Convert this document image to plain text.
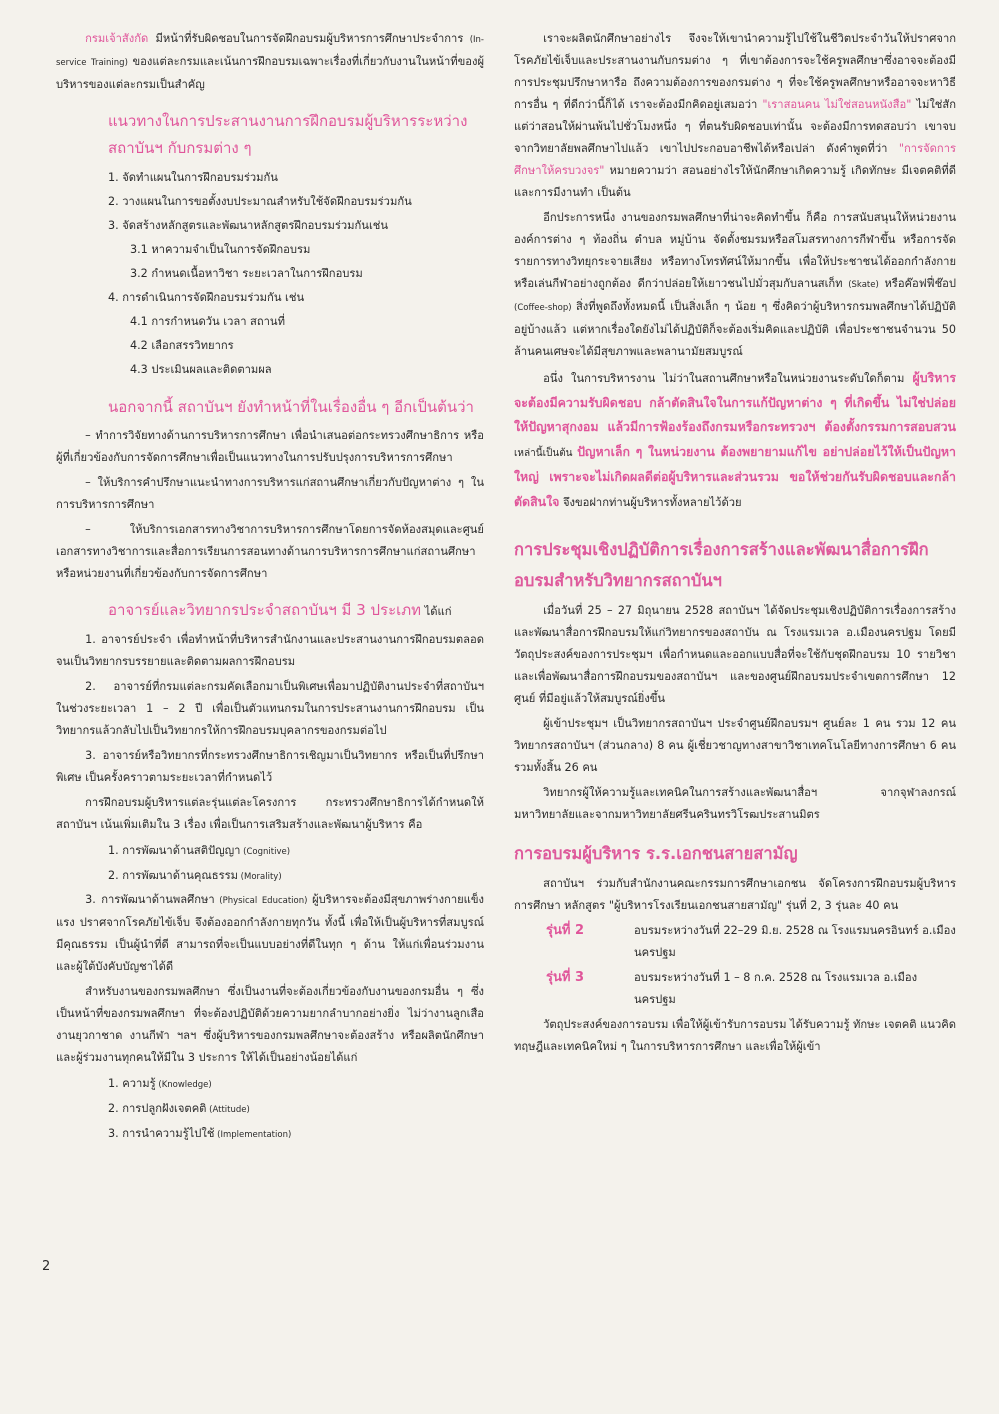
กรมเจ้าสังกัด มีหน้าที่รับผิดชอบในการจัดฝึกอบรมผู้บริหารการศึกษาประจำการ (In-service Training) ของแต่ละกรมและเน้นการฝึกอบรมเฉพาะเรื่องที่เกี่ยวกับงานในหน้าที่ของผู้บริหารของแต่ละกรมเป็นสำคัญ

แนวทางในการประสานงานการฝึกอบรมผู้บริหารระหว่างสถาบันฯ กับกรมต่าง ๆ
1. จัดทำแผนในการฝึกอบรมร่วมกัน
2. วางแผนในการขอตั้งงบประมาณสำหรับใช้จัดฝึกอบรมร่วมกัน
3. จัดสร้างหลักสูตรและพัฒนาหลักสูตรฝึกอบรมร่วมกันเช่น
3.1 หาความจำเป็นในการจัดฝึกอบรม
3.2 กำหนดเนื้อหาวิชา ระยะเวลาในการฝึกอบรม
4. การดำเนินการจัดฝึกอบรมร่วมกัน เช่น
4.1 การกำหนดวัน เวลา สถานที่
4.2 เลือกสรรวิทยากร
4.3 ประเมินผลและติดตามผล
นอกจากนี้ สถาบันฯ ยังทำหน้าที่ในเรื่องอื่น ๆ อีกเป็นต้นว่า

– ทำการวิจัยทางด้านการบริหารการศึกษา เพื่อนำเสนอต่อกระทรวงศึกษาธิการ หรือผู้ที่เกี่ยวข้องกับการจัดการศึกษาเพื่อเป็นแนวทางในการปรับปรุงการบริหารการศึกษา

– ให้บริการคำปรึกษาแนะนำทางการบริหารแก่สถานศึกษาเกี่ยวกับปัญหาต่าง ๆ ในการบริหารการศึกษา

– ให้บริการเอกสารทางวิชาการบริหารการศึกษาโดยการจัดห้องสมุดและศูนย์เอกสารทางวิชาการและสื่อการเรียนการสอนทางด้านการบริหารการศึกษาแก่สถานศึกษาหรือหน่วยงานที่เกี่ยวข้องกับการจัดการศึกษา

อาจารย์และวิทยากรประจำสถาบันฯ มี 3 ประเภท ได้แก่

1. อาจารย์ประจำ เพื่อทำหน้าที่บริหารสำนักงานและประสานงานการฝึกอบรมตลอดจนเป็นวิทยากรบรรยายและติดตามผลการฝึกอบรม

2. อาจารย์ที่กรมแต่ละกรมคัดเลือกมาเป็นพิเศษเพื่อมาปฏิบัติงานประจำที่สถาบันฯ ในช่วงระยะเวลา 1 – 2 ปี เพื่อเป็นตัวแทนกรมในการประสานงานการฝึกอบรม เป็นวิทยากรแล้วกลับไปเป็นวิทยากรให้การฝึกอบรมบุคลากรของกรมต่อไป

3. อาจารย์หรือวิทยากรที่กระทรวงศึกษาธิการเชิญมาเป็นวิทยากร หรือเป็นที่ปรึกษาพิเศษ เป็นครั้งคราวตามระยะเวลาที่กำหนดไว้

การฝึกอบรมผู้บริหารแต่ละรุ่นแต่ละโครงการ กระทรวงศึกษาธิการได้กำหนดให้สถาบันฯ เน้นเพิ่มเติมใน 3 เรื่อง เพื่อเป็นการเสริมสร้างและพัฒนาผู้บริหาร คือ

1. การพัฒนาด้านสติปัญญา (Cognitive)
2. การพัฒนาด้านคุณธรรม (Morality)

3. การพัฒนาด้านพลศึกษา (Physical Education) ผู้บริหารจะต้องมีสุขภาพร่างกายแข็งแรง ปราศจากโรคภัยไข้เจ็บ จึงต้องออกกำลังกายทุกวัน ทั้งนี้ เพื่อให้เป็นผู้บริหารที่สมบูรณ์ มีคุณธรรม เป็นผู้นำที่ดี สามารถที่จะเป็นแบบอย่างที่ดีในทุก ๆ ด้าน ให้แก่เพื่อนร่วมงานและผู้ใต้บังคับบัญชาได้ดี

สำหรับงานของกรมพลศึกษา ซึ่งเป็นงานที่จะต้องเกี่ยวข้องกับงานของกรมอื่น ๆ ซึ่งเป็นหน้าที่ของกรมพลศึกษา ที่จะต้องปฏิบัติด้วยความยากลำบากอย่างยิ่ง ไม่ว่างานลูกเสือ งานยุวกาชาด งานกีฬา ฯลฯ ซึ่งผู้บริหารของกรมพลศึกษาจะต้องสร้าง หรือผลิตนักศึกษาและผู้ร่วมงานทุกคนให้มีใน 3 ประการ ให้ได้เป็นอย่างน้อยได้แก่

1. ความรู้ (Knowledge)
2. การปลูกฝังเจตคติ (Attitude)
3. การนำความรู้ไปใช้ (Implementation)

เราจะผลิตนักศึกษาอย่างไร จึงจะให้เขานำความรู้ไปใช้ในชีวิตประจำวันให้ปราศจากโรคภัยไข้เจ็บและประสานงานกับกรมต่าง ๆ ที่เขาต้องการจะใช้ครูพลศึกษาซึ่งอาจจะต้องมีการประชุมปรึกษาหารือ ถึงความต้องการของกรมต่าง ๆ ที่จะใช้ครูพลศึกษาหรืออาจจะหาวิธีการอื่น ๆ ที่ดีกว่านี้ก็ได้ เราจะต้องมีกคิดอยู่เสมอว่า "เราสอนคน ไม่ใช่สอนหนังสือ" ไม่ใช่สักแต่ว่าสอนให้ผ่านพ้นไปชั่วโมงหนึ่ง ๆ ที่ตนรับผิดชอบเท่านั้น จะต้องมีการทดสอบว่า เขาจบจากวิทยาลัยพลศึกษาไปแล้ว เขาไปประกอบอาชีพได้หรือเปล่า ดังคำพูดที่ว่า "การจัดการศึกษาให้ครบวงจร" หมายความว่า สอนอย่างไรให้นักศึกษาเกิดความรู้ เกิดทักษะ มีเจตคติที่ดี และการมีงานทำ เป็นต้น

อีกประการหนึ่ง งานของกรมพลศึกษาที่น่าจะคิดทำขึ้น ก็คือ การสนับสนุนให้หน่วยงาน องค์การต่าง ๆ ท้องถิ่น ตำบล หมู่บ้าน จัดตั้งชมรมหรือสโมสรทางการกีฬาขึ้น หรือการจัดรายการทางวิทยุกระจายเสียง หรือทางโทรทัศน์ให้มากขึ้น เพื่อให้ประชาชนได้ออกกำลังกายหรือเล่นกีฬาอย่างถูกต้อง ดีกว่าปล่อยให้เยาวชนไปมั่วสุมกับลานสเก็ท (Skate) หรือค๊อฟฟี่ช๊อป (Coffee-shop) สิ่งที่พูดถึงทั้งหมดนี้ เป็นสิ่งเล็ก ๆ น้อย ๆ ซึ่งคิดว่าผู้บริหารกรมพลศึกษาได้ปฏิบัติอยู่บ้างแล้ว แต่หากเรื่องใดยังไม่ได้ปฏิบัติก็จะต้องเริ่มคิดและปฏิบัติ เพื่อประชาชนจำนวน 50 ล้านคนเศษจะได้มีสุขภาพและพลานามัยสมบูรณ์

อนึ่ง ในการบริหารงาน ไม่ว่าในสถานศึกษาหรือในหน่วยงานระดับใดก็ตาม ผู้บริหารจะต้องมีความรับผิดชอบ กล้าตัดสินใจในการแก้ปัญหาต่าง ๆ ที่เกิดขึ้น ไม่ใช่ปล่อยให้ปัญหาสุกงอม แล้วมีการฟ้องร้องถึงกรมหรือกระทรวงฯ ต้องตั้งกรรมการสอบสวน เหล่านี้เป็นต้น ปัญหาเล็ก ๆ ในหน่วยงาน ต้องพยายามแก้ไข อย่าปล่อยไว้ให้เป็นปัญหาใหญ่ เพราะจะไม่เกิดผลดีต่อผู้บริหารและส่วนรวม ขอให้ช่วยกันรับผิดชอบและกล้าตัดสินใจ จึงขอฝากท่านผู้บริหารทั้งหลายไว้ด้วย

การประชุมเชิงปฏิบัติการเรื่องการสร้างและพัฒนาสื่อการฝึกอบรมสำหรับวิทยากรสถาบันฯ

เมื่อวันที่ 25 – 27 มิถุนายน 2528 สถาบันฯ ได้จัดประชุมเชิงปฏิบัติการเรื่องการสร้างและพัฒนาสื่อการฝึกอบรมให้แก่วิทยากรของสถาบัน ณ โรงแรมเวล อ.เมืองนครปฐม โดยมีวัตถุประสงค์ของการประชุมฯ เพื่อกำหนดและออกแบบสื่อที่จะใช้กับชุดฝึกอบรม 10 รายวิชา และเพื่อพัฒนาสื่อการฝึกอบรมของสถาบันฯ และของศูนย์ฝึกอบรมประจำเขตการศึกษา 12 ศูนย์ ที่มีอยู่แล้วให้สมบูรณ์ยิ่งขึ้น

ผู้เข้าประชุมฯ เป็นวิทยากรสถาบันฯ ประจำศูนย์ฝึกอบรมฯ ศูนย์ละ 1 คน รวม 12 คน วิทยากรสถาบันฯ (ส่วนกลาง) 8 คน ผู้เชี่ยวชาญทางสาขาวิชาเทคโนโลยีทางการศึกษา 6 คน รวมทั้งสิ้น 26 คน

วิทยากรผู้ให้ความรู้และเทคนิคในการสร้างและพัฒนาสื่อฯ จากจุฬาลงกรณ์มหาวิทยาลัยและจากมหาวิทยาลัยศรีนครินทรวิโรฒประสานมิตร

การอบรมผู้บริหาร ร.ร.เอกชนสายสามัญ

สถาบันฯ ร่วมกับสำนักงานคณะกรรมการศึกษาเอกชน จัดโครงการฝึกอบรมผู้บริหารการศึกษา หลักสูตร "ผู้บริหารโรงเรียนเอกชนสายสามัญ" รุ่นที่ 2, 3 รุ่นละ 40 คน

รุ่นที่ 2	อบรมระหว่างวันที่ 22–29 มิ.ย. 2528 ณ โรงแรมนครอินทร์ อ.เมืองนครปฐม
รุ่นที่ 3	อบรมระหว่างวันที่ 1 – 8 ก.ค. 2528 ณ โรงแรมเวล อ.เมืองนครปฐม

วัตถุประสงค์ของการอบรม เพื่อให้ผู้เข้ารับการอบรม ได้รับความรู้ ทักษะ เจตคติ แนวคิด ทฤษฎีและเทคนิคใหม่ ๆ ในการบริหารการศึกษา และเพื่อให้ผู้เข้า

2
